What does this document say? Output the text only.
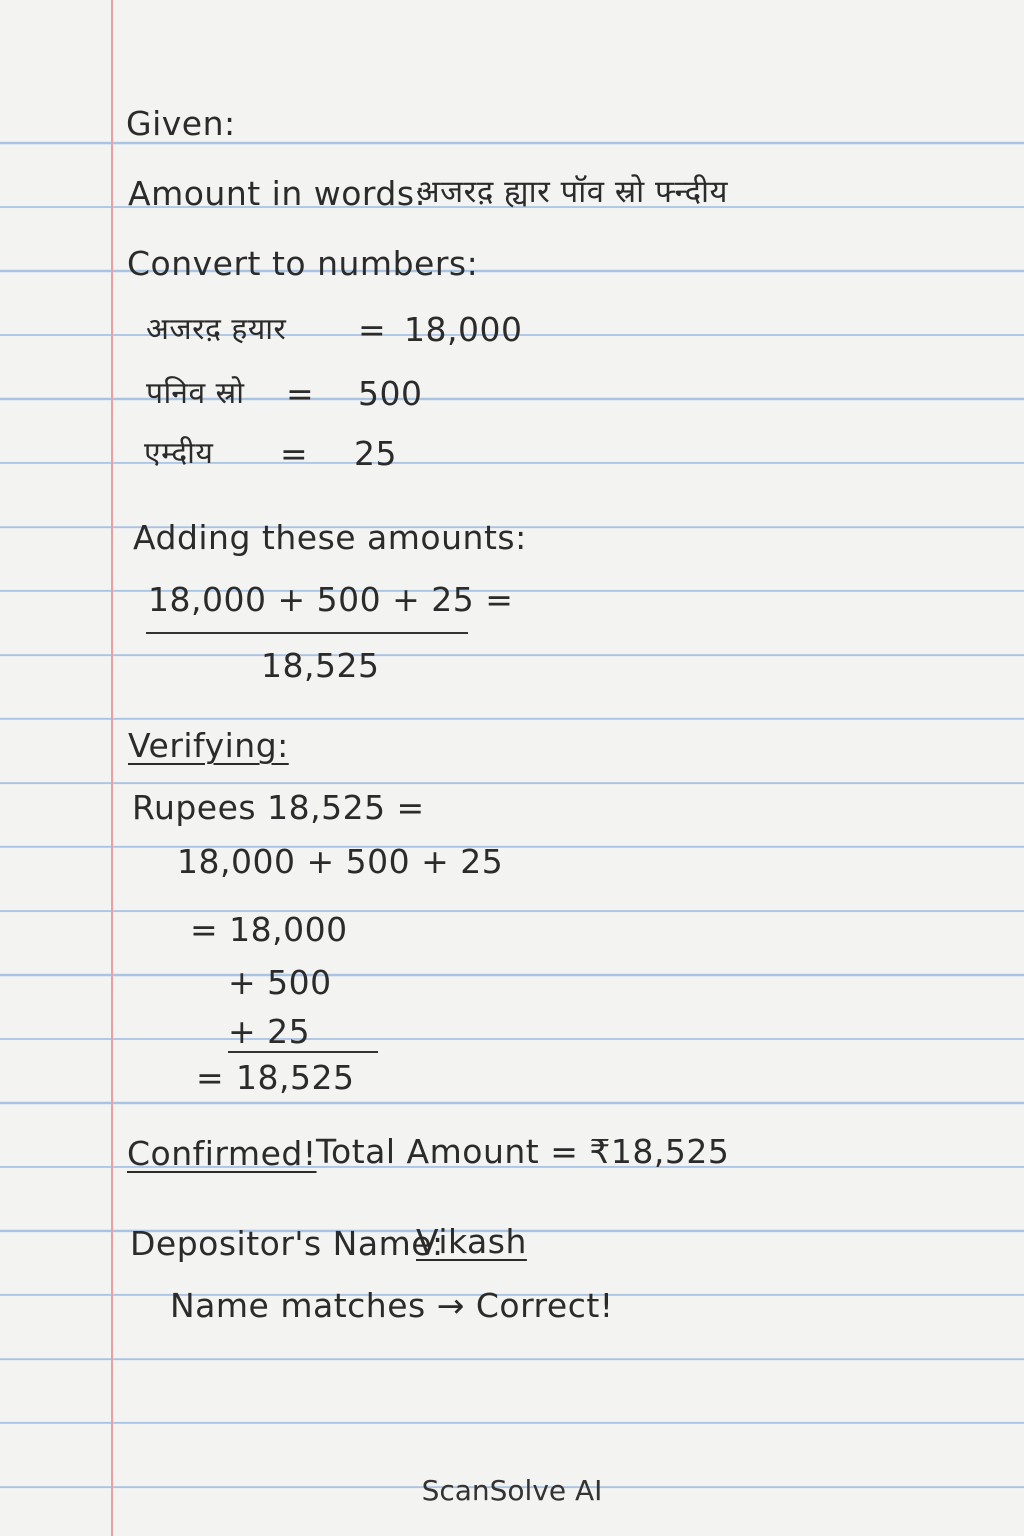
Given:
Amount in words:
अजरद़ ह्यार पॉव स्रो फ्न्दीय
Convert to numbers:
अजरद़ हयार = 18,000
पनिव स्रो = 500
एम्दीय = 25
Adding these amounts:
18,000 + 500 + 25 =
18,525
Verifying:
Rupees 18,525 =
18,000 + 500 + 25
= 18,000
+ 500
+ 25
= 18,525
Confirmed! Total Amount = ₹18,525
Depositor's Name:
Vikash
Name matches → Correct!
ScanSolve AI
